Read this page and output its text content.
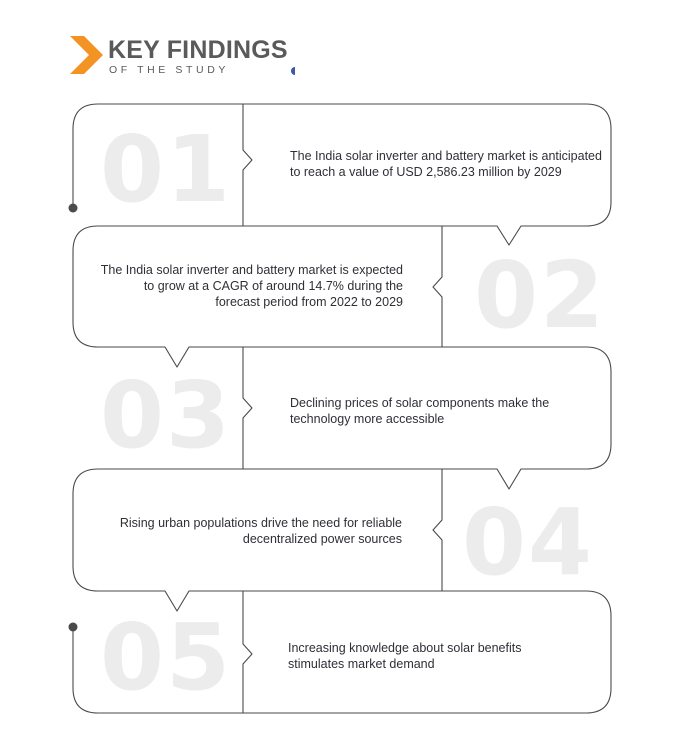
KEY FINDINGS
OF THE STUDY
01
02
03
04
05
The India solar inverter and battery market is anticipated to reach a value of USD 2,586.23 million by 2029
The India solar inverter and battery market is expected to grow at a CAGR of around 14.7% during the forecast period from 2022 to 2029
Declining prices of solar components make the technology more accessible
Rising urban populations drive the need for reliable decentralized power sources
Increasing knowledge about solar benefits stimulates market demand
